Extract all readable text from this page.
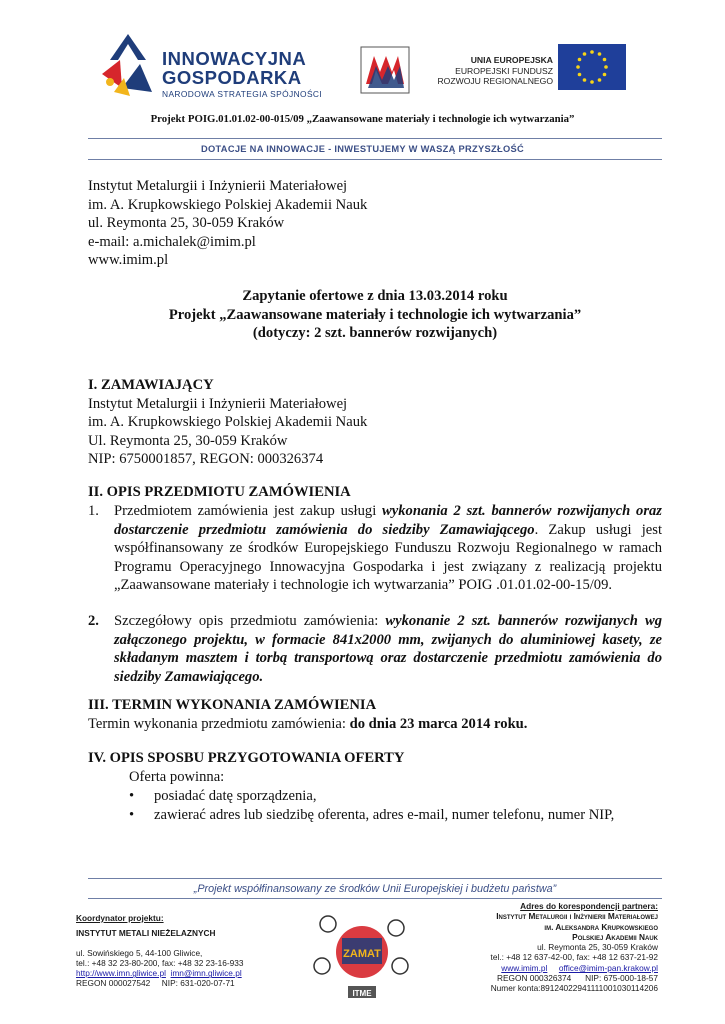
INNOWACYJNA
GOSPODARKA
NARODOWA STRATEGIA SPÓJNOŚCI
UNIA EUROPEJSKA
EUROPEJSKI FUNDUSZ
ROZWOJU REGIONALNEGO
Projekt POIG.01.01.02-00-015/09 „Zaawansowane materiały i technologie ich wytwarzania”
DOTACJE NA INNOWACJE - INWESTUJEMY W WASZĄ PRZYSZŁOŚĆ
Instytut Metalurgii i Inżynierii Materiałowej
im. A. Krupkowskiego Polskiej Akademii Nauk
ul. Reymonta 25, 30-059 Kraków
e-mail: a.michalek@imim.pl
www.imim.pl
Zapytanie ofertowe z dnia 13.03.2014 roku
Projekt „Zaawansowane materiały i technologie ich wytwarzania”
(dotyczy: 2 szt. bannerów rozwijanych)
I. ZAMAWIAJĄCY
Instytut Metalurgii i Inżynierii Materiałowej
im. A. Krupkowskiego Polskiej Akademii Nauk
Ul. Reymonta 25, 30-059 Kraków
NIP: 6750001857, REGON: 000326374
II. OPIS PRZEDMIOTU ZAMÓWIENIA
1. Przedmiotem zamówienia jest zakup usługi wykonania 2 szt. bannerów rozwijanych oraz dostarczenie przedmiotu zamówienia do siedziby Zamawiającego. Zakup usługi jest współfinansowany ze środków Europejskiego Funduszu Rozwoju Regionalnego w ramach Programu Operacyjnego Innowacyjna Gospodarka i jest związany z realizacją projektu „Zaawansowane materiały i technologie ich wytwarzania” POIG .01.01.02-00-15/09.
2. Szczegółowy opis przedmiotu zamówienia: wykonanie 2 szt. bannerów rozwijanych wg załączonego projektu, w formacie 841x2000 mm, zwijanych do aluminiowej kasety, ze składanym masztem i torbą transportową oraz dostarczenie przedmiotu zamówienia do siedziby Zamawiającego.
III. TERMIN WYKONANIA ZAMÓWIENIA
Termin wykonania przedmiotu zamówienia: do dnia 23 marca 2014 roku.
IV. OPIS SPOSBU PRZYGOTOWANIA OFERTY
Oferta powinna:
• posiadać datę sporządzenia,
• zawierać adres lub siedzibę oferenta, adres e-mail, numer telefonu, numer NIP,
„Projekt współfinansowany ze środków Unii Europejskiej i budżetu państwa”
Koordynator projektu:
INSTYTUT METALI NIEŻELAZNYCH
ul. Sowińskiego 5, 44-100 Gliwice,
tel.: +48 32 23-80-200, fax: +48 32 23-16-933
http://www.imn.gliwice.pl imn@imn.gliwice.pl
REGON 000027542 NIP: 631-020-07-71
ZAMAT
ITME
Adres do korespondencji partnera:
Instytut Metalurgii i Inżynierii Materiałowej
im. Aleksandra Krupkowskiego
Polskiej Akademii Nauk
ul. Reymonta 25, 30-059 Kraków
tel.: +48 12 637-42-00, fax: +48 12 637-21-92
www.imim.pl office@imim-pan.krakow.pl
REGON 000326374 NIP: 675-000-18-57
Numer konta:89124022941111001030114206
